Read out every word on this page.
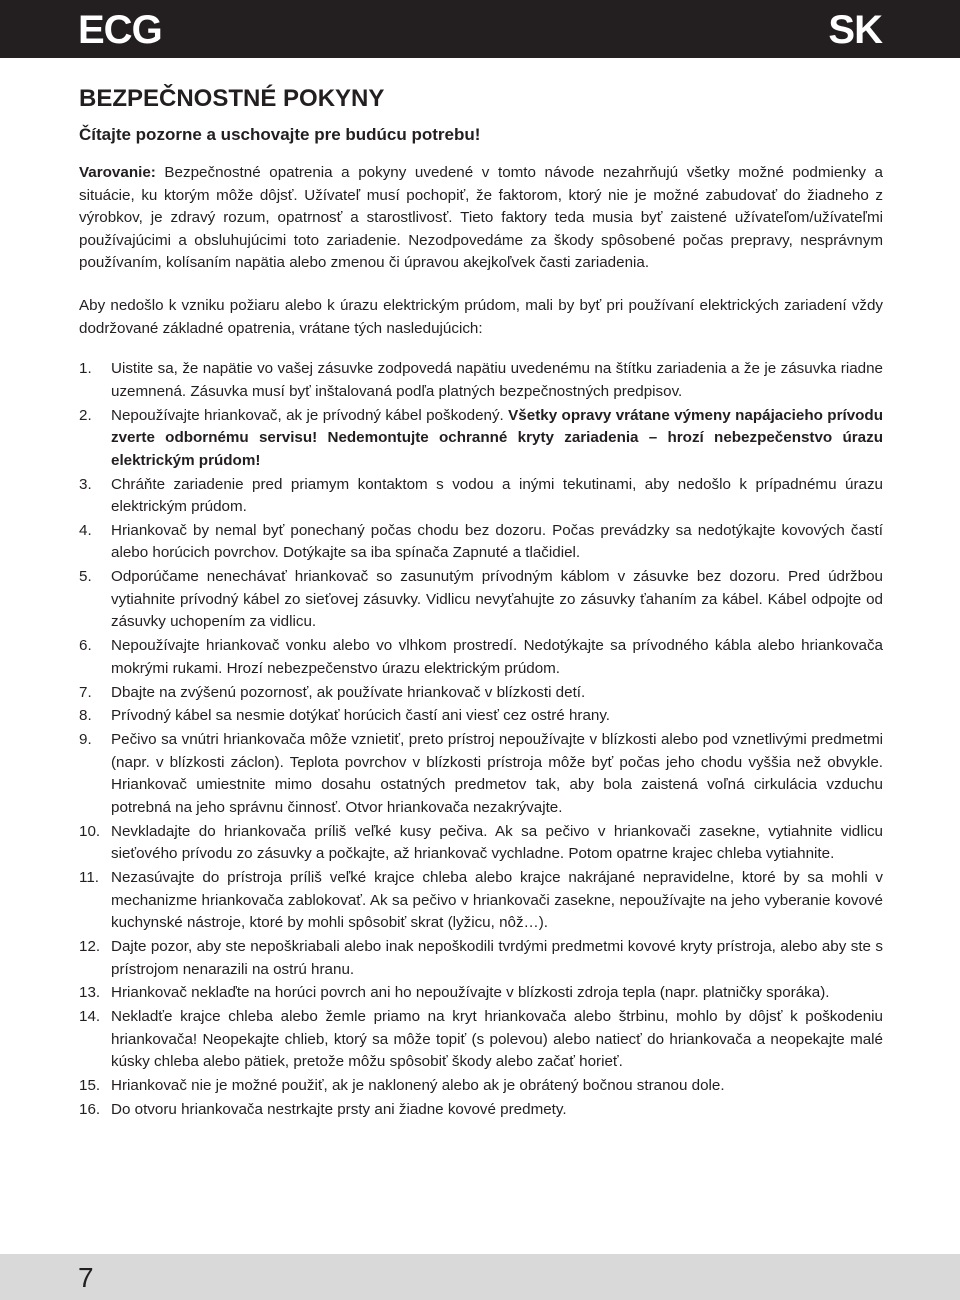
ECG	SK
BEZPEČNOSTNÉ POKYNY
Čítajte pozorne a uschovajte pre budúcu potrebu!

Varovanie: Bezpečnostné opatrenia a pokyny uvedené v tomto návode nezahrňujú všetky možné podmienky a situácie, ku ktorým môže dôjsť. Užívateľ musí pochopiť, že faktorom, ktorý nie je možné zabudovať do žiadneho z výrobkov, je zdravý rozum, opatrnosť a starostlivosť. Tieto faktory teda musia byť zaistené užívateľom/užívateľmi používajúcimi a obsluhujúcimi toto zariadenie. Nezodpovedáme za škody spôsobené počas prepravy, nesprávnym používaním, kolísaním napätia alebo zmenou či úpravou akejkoľvek časti zariadenia.

Aby nedošlo k vzniku požiaru alebo k úrazu elektrickým prúdom, mali by byť pri používaní elektrických zariadení vždy dodržované základné opatrenia, vrátane tých nasledujúcich:

1. Uistite sa, že napätie vo vašej zásuvke zodpovedá napätiu uvedenému na štítku zariadenia a že je zásuvka riadne uzemnená. Zásuvka musí byť inštalovaná podľa platných bezpečnostných predpisov.
2. Nepoužívajte hriankovač, ak je prívodný kábel poškodený. Všetky opravy vrátane výmeny napájacieho prívodu zverte odbornému servisu! Nedemontujte ochranné kryty zariadenia – hrozí nebezpečenstvo úrazu elektrickým prúdom!
3. Chráňte zariadenie pred priamym kontaktom s vodou a inými tekutinami, aby nedošlo k prípadnému úrazu elektrickým prúdom.
4. Hriankovač by nemal byť ponechaný počas chodu bez dozoru. Počas prevádzky sa nedotýkajte kovových častí alebo horúcich povrchov. Dotýkajte sa iba spínača Zapnuté a tlačidiel.
5. Odporúčame nenechávať hriankovač so zasunutým prívodným káblom v zásuvke bez dozoru. Pred údržbou vytiahnite prívodný kábel zo sieťovej zásuvky. Vidlicu nevyťahujte zo zásuvky ťahaním za kábel. Kábel odpojte od zásuvky uchopením za vidlicu.
6. Nepoužívajte hriankovač vonku alebo vo vlhkom prostredí. Nedotýkajte sa prívodného kábla alebo hriankovača mokrými rukami. Hrozí nebezpečenstvo úrazu elektrickým prúdom.
7. Dbajte na zvýšenú pozornosť, ak používate hriankovač v blízkosti detí.
8. Prívodný kábel sa nesmie dotýkať horúcich častí ani viesť cez ostré hrany.
9. Pečivo sa vnútri hriankovača môže vznietiť, preto prístroj nepoužívajte v blízkosti alebo pod vznetlivými predmetmi (napr. v blízkosti záclon). Teplota povrchov v blízkosti prístroja môže byť počas jeho chodu vyššia než obvykle. Hriankovač umiestnite mimo dosahu ostatných predmetov tak, aby bola zaistená voľná cirkulácia vzduchu potrebná na jeho správnu činnosť. Otvor hriankovača nezakrývajte.
10. Nevkladajte do hriankovača príliš veľké kusy pečiva. Ak sa pečivo v hriankovači zasekne, vytiahnite vidlicu sieťového prívodu zo zásuvky a počkajte, až hriankovač vychladne. Potom opatrne krajec chleba vytiahnite.
11. Nezasúvajte do prístroja príliš veľké krajce chleba alebo krajce nakrájané nepravidelne, ktoré by sa mohli v mechanizme hriankovača zablokovať. Ak sa pečivo v hriankovači zasekne, nepoužívajte na jeho vyberanie kovové kuchynské nástroje, ktoré by mohli spôsobiť skrat (lyžicu, nôž…).
12. Dajte pozor, aby ste nepoškriabali alebo inak nepoškodili tvrdými predmetmi kovové kryty prístroja, alebo aby ste s prístrojom nenarazili na ostrú hranu.
13. Hriankovač neklaďte na horúci povrch ani ho nepoužívajte v blízkosti zdroja tepla (napr. platničky sporáka).
14. Nekladťe krajce chleba alebo žemle priamo na kryt hriankovača alebo štrbinu, mohlo by dôjsť k poškodeniu hriankovača! Neopekajte chlieb, ktorý sa môže topiť (s polevou) alebo natiecť do hriankovača a neopekajte malé kúsky chleba alebo pätiek, pretože môžu spôsobiť škody alebo začať horieť.
15. Hriankovač nie je možné použiť, ak je naklonený alebo ak je obrátený bočnou stranou dole.
16. Do otvoru hriankovača nestrkajte prsty ani žiadne kovové predmety.
7
